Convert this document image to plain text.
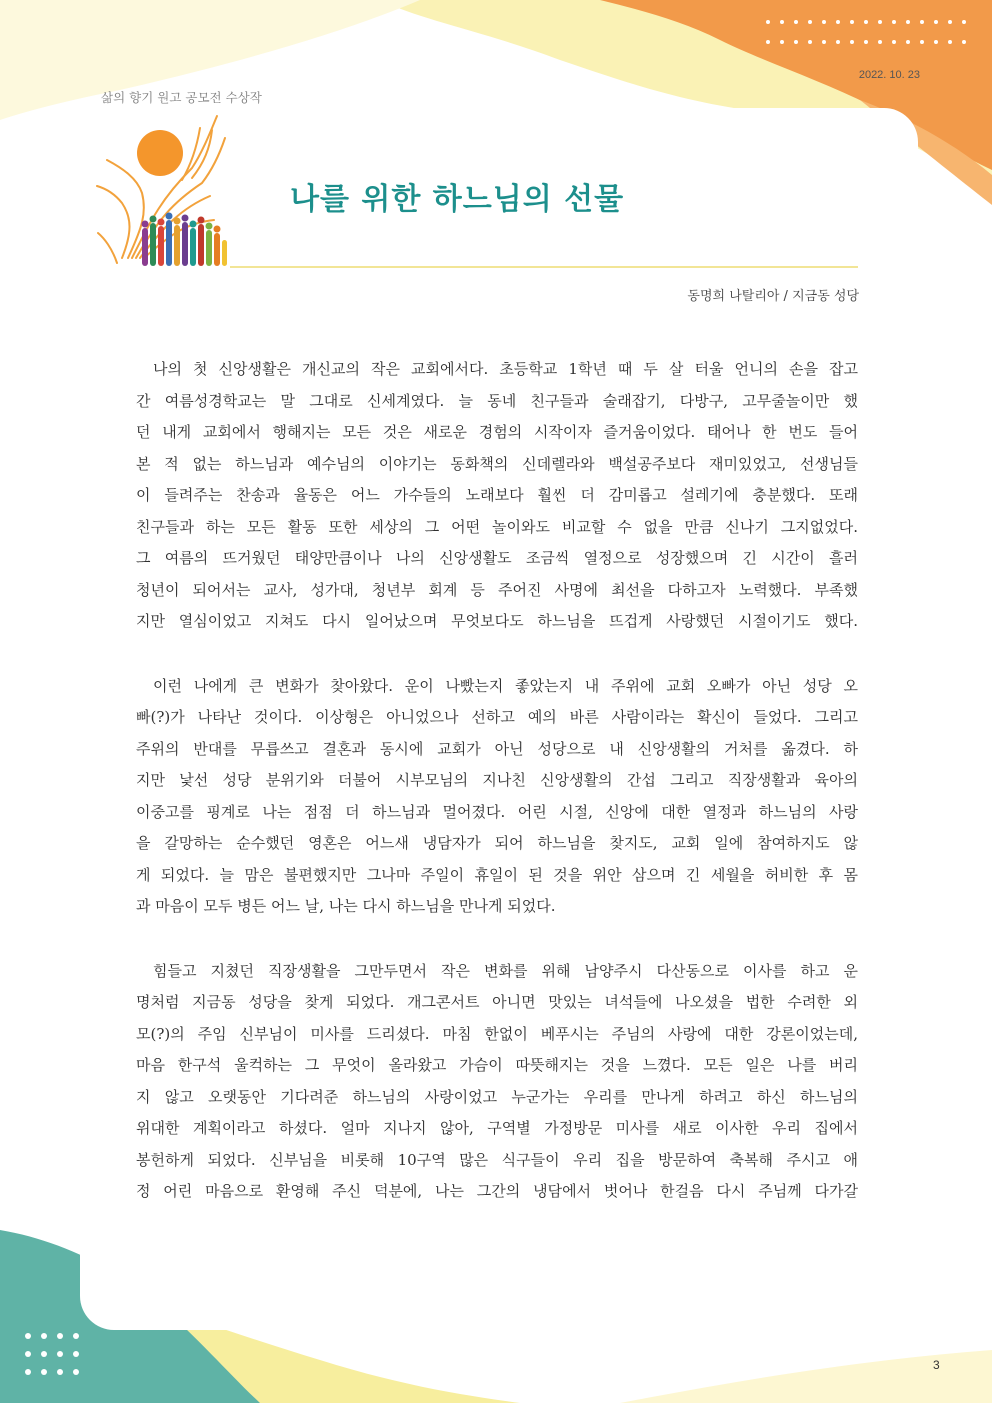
삶의 향기 원고 공모전 수상작
2022. 10. 23
나를 위한 하느님의 선물
동명희 나탈리아 / 지금동 성당
나의 첫 신앙생활은 개신교의 작은 교회에서다. 초등학교 1학년 때 두 살 터울 언니의 손을 잡고
간 여름성경학교는 말 그대로 신세계였다. 늘 동네 친구들과 술래잡기, 다방구, 고무줄놀이만 했
던 내게 교회에서 행해지는 모든 것은 새로운 경험의 시작이자 즐거움이었다. 태어나 한 번도 들어
본 적 없는 하느님과 예수님의 이야기는 동화책의 신데렐라와 백설공주보다 재미있었고, 선생님들
이 들려주는 찬송과 율동은 어느 가수들의 노래보다 훨씬 더 감미롭고 설레기에 충분했다. 또래
친구들과 하는 모든 활동 또한 세상의 그 어떤 놀이와도 비교할 수 없을 만큼 신나기 그지없었다.
그 여름의 뜨거웠던 태양만큼이나 나의 신앙생활도 조금씩 열정으로 성장했으며 긴 시간이 흘러
청년이 되어서는 교사, 성가대, 청년부 회계 등 주어진 사명에 최선을 다하고자 노력했다. 부족했
지만 열심이었고 지쳐도 다시 일어났으며 무엇보다도 하느님을 뜨겁게 사랑했던 시절이기도 했다.
이런 나에게 큰 변화가 찾아왔다. 운이 나빴는지 좋았는지 내 주위에 교회 오빠가 아닌 성당 오
빠(?)가 나타난 것이다. 이상형은 아니었으나 선하고 예의 바른 사람이라는 확신이 들었다. 그리고
주위의 반대를 무릅쓰고 결혼과 동시에 교회가 아닌 성당으로 내 신앙생활의 거처를 옮겼다. 하
지만 낯선 성당 분위기와 더불어 시부모님의 지나친 신앙생활의 간섭 그리고 직장생활과 육아의
이중고를 핑계로 나는 점점 더 하느님과 멀어졌다. 어린 시절, 신앙에 대한 열정과 하느님의 사랑
을 갈망하는 순수했던 영혼은 어느새 냉담자가 되어 하느님을 찾지도, 교회 일에 참여하지도 않
게 되었다. 늘 맘은 불편했지만 그나마 주일이 휴일이 된 것을 위안 삼으며 긴 세월을 허비한 후 몸
과 마음이 모두 병든 어느 날, 나는 다시 하느님을 만나게 되었다.
힘들고 지쳤던 직장생활을 그만두면서 작은 변화를 위해 남양주시 다산동으로 이사를 하고 운
명처럼 지금동 성당을 찾게 되었다. 개그콘서트 아니면 맛있는 녀석들에 나오셨을 법한 수려한 외
모(?)의 주임 신부님이 미사를 드리셨다. 마침 한없이 베푸시는 주님의 사랑에 대한 강론이었는데,
마음 한구석 울컥하는 그 무엇이 올라왔고 가슴이 따뜻해지는 것을 느꼈다. 모든 일은 나를 버리
지 않고 오랫동안 기다려준 하느님의 사랑이었고 누군가는 우리를 만나게 하려고 하신 하느님의
위대한 계획이라고 하셨다. 얼마 지나지 않아, 구역별 가정방문 미사를 새로 이사한 우리 집에서
봉헌하게 되었다. 신부님을 비롯해 10구역 많은 식구들이 우리 집을 방문하여 축복해 주시고 애
정 어린 마음으로 환영해 주신 덕분에, 나는 그간의 냉담에서 벗어나 한걸음 다시 주님께 다가갈
3
